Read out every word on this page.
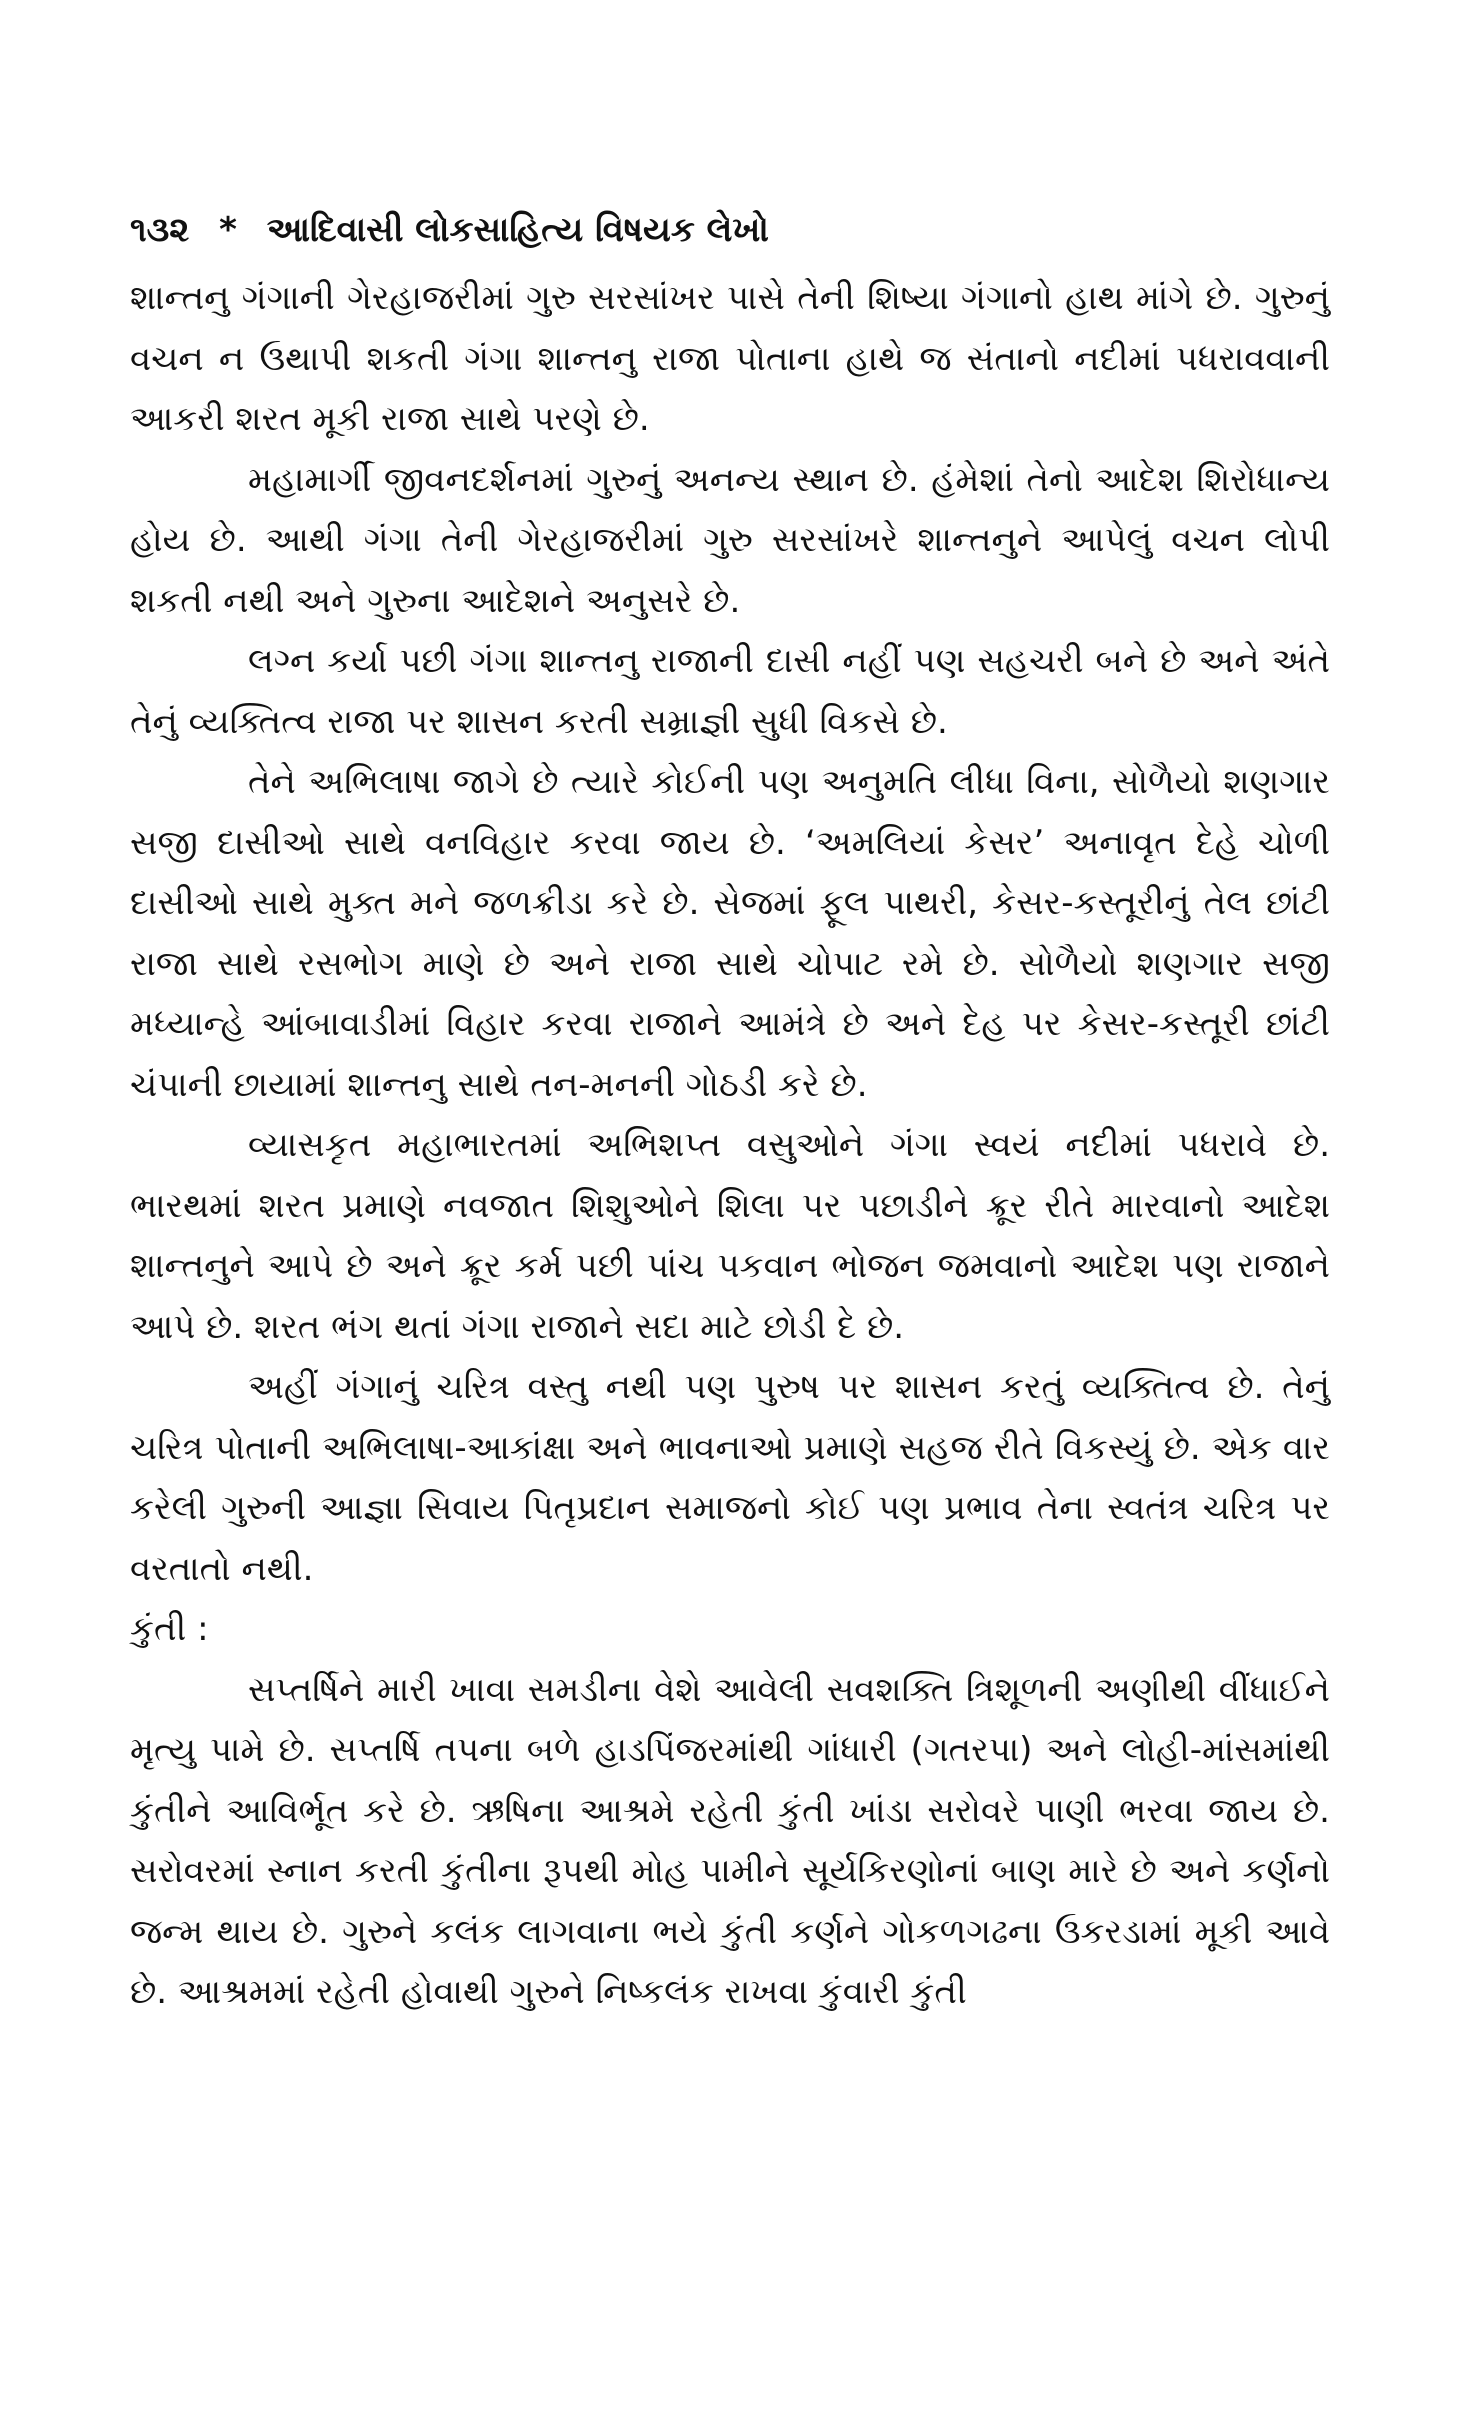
૧૩૨ * આદિવાસી લોકસાહિત્ય વિષયક લેખો

શાન્તનુ ગંગાની ગેરહાજરીમાં ગુરુ સરસાંખર પાસે તેની શિષ્યા ગંગાનો હાથ માંગે છે. ગુરુનું વચન ન ઉથાપી શકતી ગંગા શાન્તનુ રાજા પોતાના હાથે જ સંતાનો નદીમાં પધરાવવાની આકરી શરત મૂકી રાજા સાથે પરણે છે.

મહામાર્ગી જીવનદર્શનમાં ગુરુનું અનન્ય સ્થાન છે. હંમેશાં તેનો આદેશ શિરોધાન્ય હોય છે. આથી ગંગા તેની ગેરહાજરીમાં ગુરુ સરસાંખરે શાન્તનુને આપેલું વચન લોપી શકતી નથી અને ગુરુના આદેશને અનુસરે છે.

લગ્ન કર્યા પછી ગંગા શાન્તનુ રાજાની દાસી નહીં પણ સહચરી બને છે અને અંતે તેનું વ્યક્તિત્વ રાજા પર શાસન કરતી સમ્રાજ્ઞી સુધી વિકસે છે.

તેને અભિલાષા જાગે છે ત્યારે કોઈની પણ અનુમતિ લીધા વિના, સોળૈયો શણગાર સજી દાસીઓ સાથે વનવિહાર કરવા જાય છે. ‘અમલિયાં કેસર’ અનાવૃત દેહે ચોળી દાસીઓ સાથે મુક્ત મને જળક્રીડા કરે છે. સેજમાં ફૂલ પાથરી, કેસર-કસ્તૂરીનું તેલ છાંટી રાજા સાથે રસભોગ માણે છે અને રાજા સાથે ચોપાટ રમે છે. સોળૈયો શણગાર સજી મધ્યાન્હે આંબાવાડીમાં વિહાર કરવા રાજાને આમંત્રે છે અને દેહ પર કેસર-કસ્તૂરી છાંટી ચંપાની છાયામાં શાન્તનુ સાથે તન-મનની ગોઠડી કરે છે.

વ્યાસકૃત મહાભારતમાં અભિશપ્ત વસુઓને ગંગા સ્વયં નદીમાં પધરાવે છે. ભારથમાં શરત પ્રમાણે નવજાત શિશુઓને શિલા પર પછાડીને ક્રૂર રીતે મારવાનો આદેશ શાન્તનુને આપે છે અને ક્રૂર કર્મ પછી પાંચ પકવાન ભોજન જમવાનો આદેશ પણ રાજાને આપે છે. શરત ભંગ થતાં ગંગા રાજાને સદા માટે છોડી દે છે.

અહીં ગંગાનું ચરિત્ર વસ્તુ નથી પણ પુરુષ પર શાસન કરતું વ્યક્તિત્વ છે. તેનું ચરિત્ર પોતાની અભિલાષા-આકાંક્ષા અને ભાવનાઓ પ્રમાણે સહજ રીતે વિકસ્યું છે. એક વાર કરેલી ગુરુની આજ્ઞા સિવાય પિતૃપ્રદાન સમાજનો કોઈ પણ પ્રભાવ તેના સ્વતંત્ર ચરિત્ર પર વરતાતો નથી.

કુંતી :

સપ્તર્ષિને મારી ખાવા સમડીના વેશે આવેલી સવશક્તિ ત્રિશૂળની અણીથી વીંધાઈને મૃત્યુ પામે છે. સપ્તર્ષિ તપના બળે હાડપિંજરમાંથી ગાંધારી (ગતરપા) અને લોહી-માંસમાંથી કુંતીને આવિર્ભૂત કરે છે. ઋષિના આશ્રમે રહેતી કુંતી ખાંડા સરોવરે પાણી ભરવા જાય છે. સરોવરમાં સ્નાન કરતી કુંતીના રૂપથી મોહ પામીને સૂર્યકિરણોનાં બાણ મારે છે અને કર્ણનો જન્મ થાય છે. ગુરુને કલંક લાગવાના ભયે કુંતી કર્ણને ગોકળગઢના ઉકરડામાં મૂકી આવે છે. આશ્રમમાં રહેતી હોવાથી ગુરુને નિષ્કલંક રાખવા કુંવારી કુંતી
